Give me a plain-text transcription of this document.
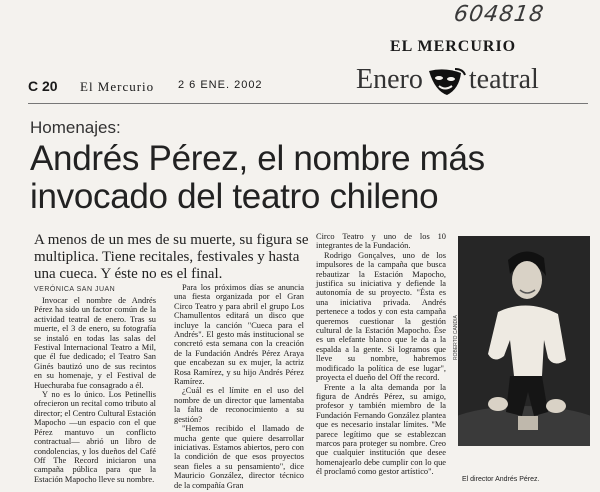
604818
EL MERCURIO
C 20 El Mercurio 2 6 ENE. 2002	Enero teatral
Homenajes:
Andrés Pérez, el nombre más invocado del teatro chileno
A menos de un mes de su muerte, su figura se multiplica. Tiene recitales, festivales y hasta una cueca. Y éste no es el final.
VERÓNICA SAN JUAN

Invocar el nombre de Andrés Pérez ha sido un factor común de la actividad teatral de enero. Tras su muerte, el 3 de enero, su fotografía se instaló en todas las salas del Festival Internacional Teatro a Mil, que él fue dedicado; el Teatro San Ginés bautizó uno de sus recintos en su homenaje, y el Festival de Huechuraba fue consagrado a él.

Y no es lo único. Los Petinellis ofrecieron un recital como tributo al director; el Centro Cultural Estación Mapocho —un espacio con el que Pérez mantuvo un conflicto contractual— abrió un libro de condolencias, y los dueños del Café Off The Record iniciaron una campaña pública para que la Estación Mapocho lleve su nombre.

Para los próximos días se anuncia una fiesta organizada por el Gran Circo Teatro y para abril el grupo Los Chamullentos editará un disco que incluye la canción "Cueca para el Andrés". El gesto más institucional se concretó esta semana con la creación de la Fundación Andrés Pérez Araya que encabezan su ex mujer, la actriz Rosa Ramírez, y su hijo Andrés Pérez Ramírez.

¿Cuál es el límite en el uso del nombre de un director que lamentaba la falta de reconocimiento a su gestión?

"Hemos recibido el llamado de mucha gente que quiere desarrollar iniciativas. Estamos abiertos, pero con la condición de que esos proyectos sean fieles a su pensamiento", dice Mauricio González, director técnico de la compañía Gran

Circo Teatro y uno de los 10 integrantes de la Fundación.

Rodrigo Gonçalves, uno de los impulsores de la campaña que busca rebautizar la Estación Mapocho, justifica su iniciativa y defiende la autonomía de su proyecto. "Ésta es una iniciativa privada. Andrés pertenece a todos y con esta campaña queremos cuestionar la gestión cultural de la Estación Mapocho. Ése es un elefante blanco que le da a la espalda a la gente. Si logramos que lleve su nombre, habremos modificado la política de ese lugar", proyecta el dueño del Off the record.

Frente a la alta demanda por la figura de Andrés Pérez, su amigo, profesor y también miembro de la Fundación Fernando González plantea que es necesario instalar límites. "Me parece legítimo que se establezcan marcos para proteger su nombre. Creo que cualquier institución que desee homenajearlo debe cumplir con lo que él proclamó como gestor artístico".

ROBERTO CANDIA
El director Andrés Pérez.
